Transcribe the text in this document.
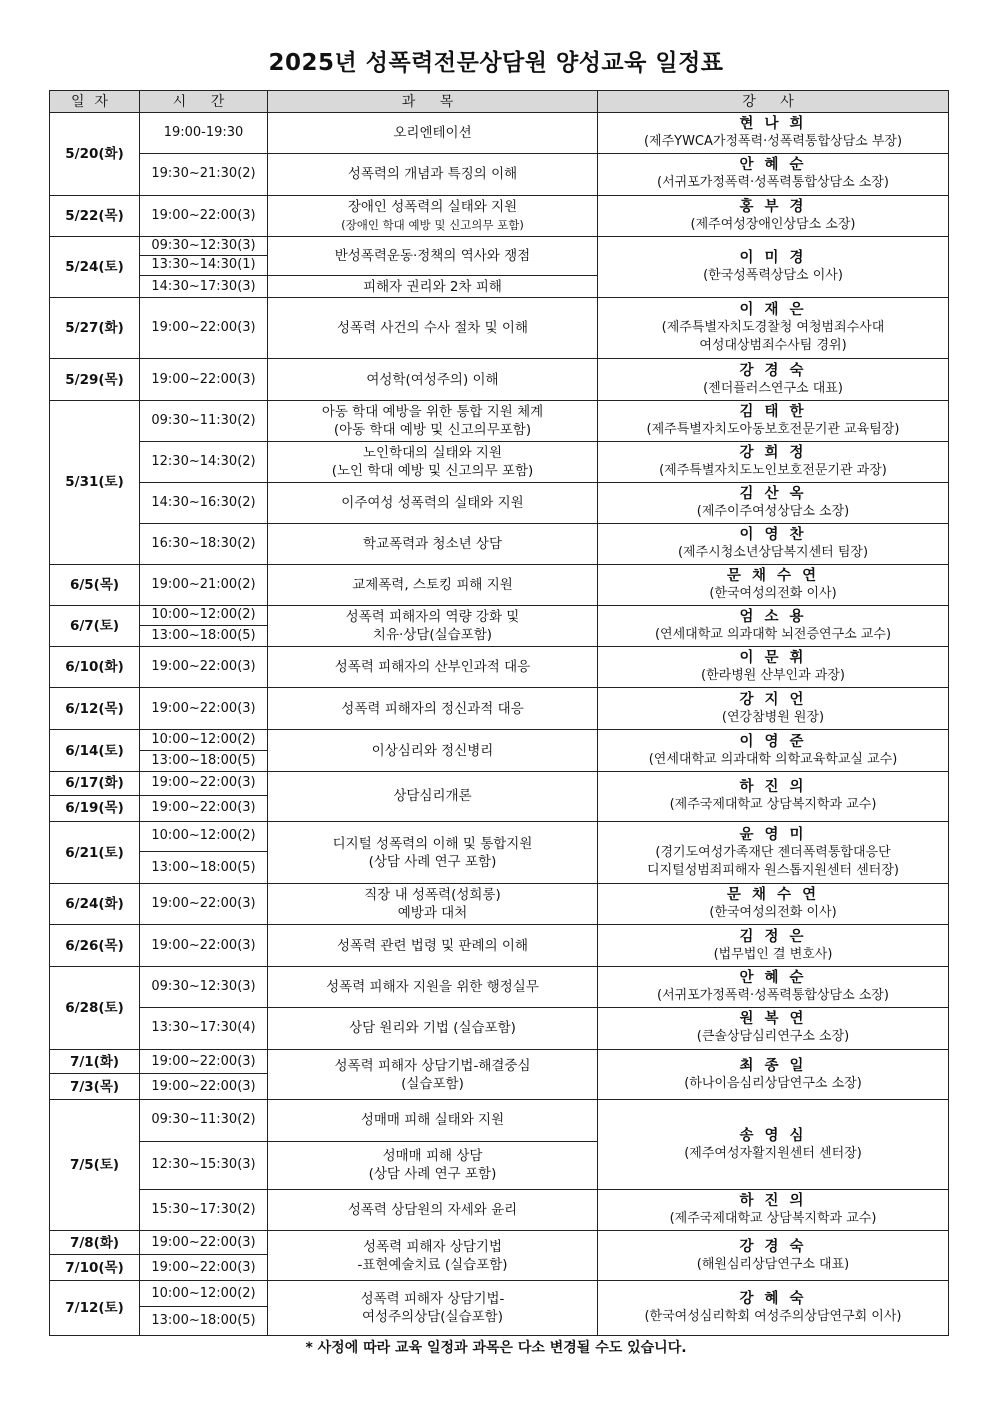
2025년 성폭력전문상담원 양성교육 일정표
일자	시 간	과 목	강 사
5/20(화)	19:00-19:30	오리엔테이션	현 나 희
(제주YWCA가정폭력·성폭력통합상담소 부장)

	19:30~21:30(2)	성폭력의 개념과 특징의 이해	안 혜 순
(서귀포가정폭력·성폭력통합상담소 소장)

5/22(목)	19:00~22:00(3)	장애인 성폭력의 실태와 지원
(장애인 학대 예방 및 신고의무 포함)	홍 부 경
(제주여성장애인상담소 소장)

5/24(토)	09:30~12:30(3)	반성폭력운동·정책의 역사와 쟁점	이 미 경
(한국성폭력상담소 이사)

	13:30~14:30(1)		
	14:30~17:30(3)	피해자 권리와 2차 피해	

5/27(화)	19:00~22:00(3)	성폭력 사건의 수사 절차 및 이해	이 재 은
(제주특별자치도경찰청 여청범죄수사대
여성대상범죄수사팀 경위)

5/29(목)	19:00~22:00(3)	여성학(여성주의) 이해	강 경 숙
(젠더플러스연구소 대표)

5/31(토)	09:30~11:30(2)	아동 학대 예방을 위한 통합 지원 체계
(아동 학대 예방 및 신고의무포함)	김 태 한
(제주특별자치도아동보호전문기관 교육팀장)

	12:30~14:30(2)	노인학대의 실태와 지원
(노인 학대 예방 및 신고의무 포함)	강 희 정
(제주특별자치도노인보호전문기관 과장)

	14:30~16:30(2)	이주여성 성폭력의 실태와 지원	김 산 옥
(제주이주여성상담소 소장)

	16:30~18:30(2)	학교폭력과 청소년 상담	이 영 찬
(제주시청소년상담복지센터 팀장)

6/5(목)	19:00~21:00(2)	교제폭력, 스토킹 피해 지원	문 채 수 연
(한국여성의전화 이사)

6/7(토)	10:00~12:00(2)	성폭력 피해자의 역량 강화 및
치유·상담(실습포함)	엄 소 용
(연세대학교 의과대학 뇌전증연구소 교수)

	13:00~18:00(5)		
6/10(화)	19:00~22:00(3)	성폭력 피해자의 산부인과적 대응	이 문 휘
(한라병원 산부인과 과장)

6/12(목)	19:00~22:00(3)	성폭력 피해자의 정신과적 대응	강 지 언
(연강참병원 원장)

6/14(토)	10:00~12:00(2)	이상심리와 정신병리	이 영 준
(연세대학교 의과대학 의학교육학교실 교수)

	13:00~18:00(5)		
6/17(화)	19:00~22:00(3)	상담심리개론	하 진 의
(제주국제대학교 상담복지학과 교수)

6/19(목)	19:00~22:00(3)		
6/21(토)	10:00~12:00(2)	디지털 성폭력의 이해 및 통합지원
(상담 사례 연구 포함)	윤 영 미
(경기도여성가족재단 젠더폭력통합대응단
디지털성범죄피해자 원스톱지원센터 센터장)

	13:00~18:00(5)		
6/24(화)	19:00~22:00(3)	직장 내 성폭력(성희롱)
예방과 대처	문 채 수 연
(한국여성의전화 이사)

6/26(목)	19:00~22:00(3)	성폭력 관련 법령 및 판례의 이해	김 정 은
(법무법인 결 변호사)

6/28(토)	09:30~12:30(3)	성폭력 피해자 지원을 위한 행정실무	안 혜 순
(서귀포가정폭력·성폭력통합상담소 소장)

	13:30~17:30(4)	상담 원리와 기법 (실습포함)	원 복 연
(큰솔상담심리연구소 소장)

7/1(화)	19:00~22:00(3)	성폭력 피해자 상담기법-해결중심
(실습포함)	최 종 일
(하나이음심리상담연구소 소장)

7/3(목)	19:00~22:00(3)		
7/5(토)	09:30~11:30(2)	성매매 피해 실태와 지원	송 영 심
(제주여성자활지원센터 센터장)

	12:30~15:30(3)	성매매 피해 상담
(상담 사례 연구 포함)	

	15:30~17:30(2)	성폭력 상담원의 자세와 윤리	하 진 의
(제주국제대학교 상담복지학과 교수)

7/8(화)	19:00~22:00(3)	성폭력 피해자 상담기법
-표현예술치료 (실습포함)	강 경 숙
(해원심리상담연구소 대표)

7/10(목)	19:00~22:00(3)		
7/12(토)	10:00~12:00(2)	성폭력 피해자 상담기법-
여성주의상담(실습포함)	강 혜 숙
(한국여성심리학회 여성주의상담연구회 이사)

	13:00~18:00(5)		
* 사정에 따라 교육 일정과 과목은 다소 변경될 수도 있습니다.
